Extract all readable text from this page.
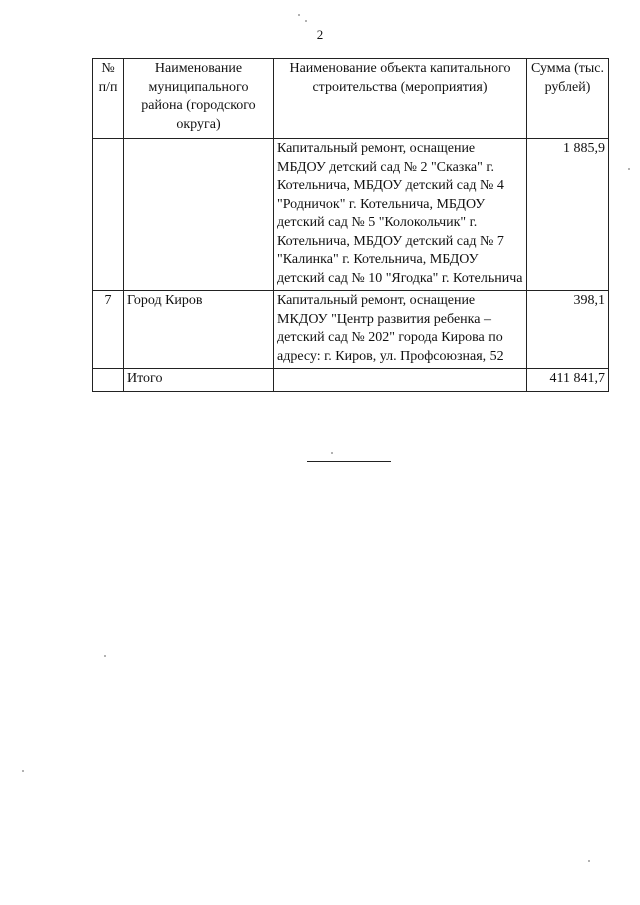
2
№ п/п	Наименование муниципального района (городского округа)	Наименование объекта капитального строительства (мероприятия)	Сумма (тыс. рублей)
		Капитальный ремонт, оснащение МБДОУ детский сад № 2 "Сказка" г. Котельнича, МБДОУ детский сад № 4 "Родничок" г. Котельнича, МБДОУ детский сад № 5 "Колокольчик" г. Котельнича, МБДОУ детский сад № 7 "Калинка" г. Котельнича, МБДОУ детский сад № 10 "Ягодка" г. Котельнича	1 885,9
7	Город Киров	Капитальный ремонт, оснащение МКДОУ "Центр развития ребенка – детский сад № 202" города Кирова по адресу: г. Киров, ул. Профсоюзная, 52	398,1
	Итого		411 841,7
